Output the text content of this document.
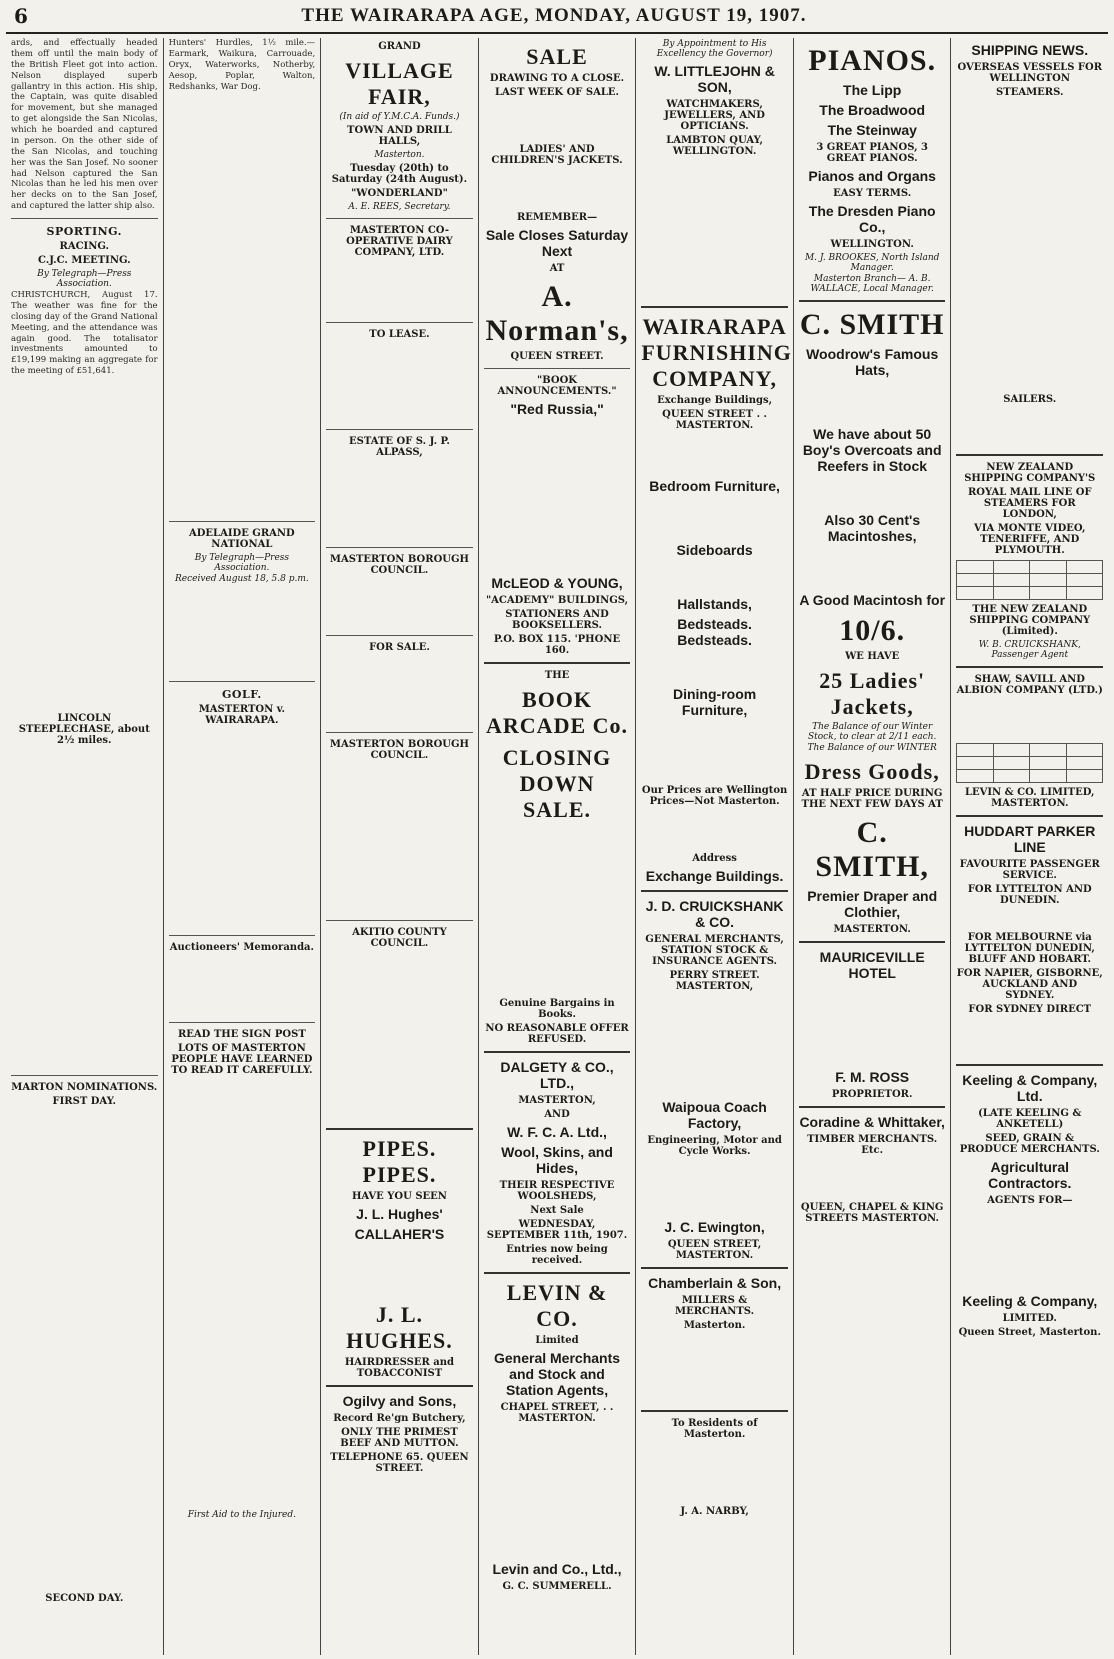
6	THE WAIRARAPA AGE, MONDAY, AUGUST 19, 1907.

ards, and effectually headed them off until the main body of the British Fleet got into action. Nelson displayed superb gallantry in this action. His ship, the Captain, was quite disabled for movement, but she managed to get alongside the San Nicolas, which he boarded and captured in person. On the other side of the San Nicolas, and touching her was the San Josef. No sooner had Nelson captured the San Nicolas than he led his men over her decks on to the San Josef, and captured the latter ship also.

SPORTING.
RACING.
C.J.C. MEETING.

By Telegraph—Press Association.

CHRISTCHURCH, August 17. The weather was fine for the closing day of the Grand National Meeting, and the attendance was again good. The totalisator investments amounted to £19,199 making an aggregate for the meeting of £51,641.

LINCOLN STEEPLECHASE, about 2½ miles.
MARTON NOMINATIONS.
FIRST DAY.
SECOND DAY.

Hunters' Hurdles, 1½ mile.—Earmark, Waikura, Carrouade, Oryx, Waterworks, Notherby, Aesop, Poplar, Walton, Redshanks, War Dog.

ADELAIDE GRAND NATIONAL

By Telegraph—Press Association.

Received August 18, 5.8 p.m.

GOLF.
MASTERTON v. WAIRARAPA.
Auctioneers' Memoranda.
READ THE SIGN POST
LOTS OF MASTERTON PEOPLE HAVE LEARNED TO READ IT CAREFULLY.

First Aid to the Injured.

GRAND
VILLAGE FAIR,

(In aid of Y.M.C.A. Funds.)

TOWN AND DRILL HALLS,

Masterton.

Tuesday (20th) to Saturday (24th August).
"WONDERLAND"

A. E. REES, Secretary.

MASTERTON CO-OPERATIVE DAIRY COMPANY, LTD.
TO LEASE.
ESTATE OF S. J. P. ALPASS,
MASTERTON BOROUGH COUNCIL.
FOR SALE.
MASTERTON BOROUGH COUNCIL.
AKITIO COUNTY COUNCIL.
PIPES. PIPES.
HAVE YOU SEEN
J. L. Hughes'
CALLAHER'S
J. L. HUGHES.
HAIRDRESSER and TOBACCONIST
Ogilvy and Sons,
Record Re'gn Butchery,
ONLY THE PRIMEST BEEF AND MUTTON.
TELEPHONE 65. QUEEN STREET.
SALE
DRAWING TO A CLOSE.
LAST WEEK OF SALE.
LADIES' AND CHILDREN'S JACKETS.
REMEMBER—
Sale Closes Saturday Next
AT
A. Norman's,
QUEEN STREET.
"BOOK ANNOUNCEMENTS."
"Red Russia,"
McLEOD & YOUNG,
"ACADEMY" BUILDINGS,
STATIONERS AND BOOKSELLERS.
P.O. BOX 115. 'PHONE 160.
THE
BOOK ARCADE Co.
CLOSING DOWN SALE.
Genuine Bargains in Books.
NO REASONABLE OFFER REFUSED.
DALGETY & CO., LTD.,
MASTERTON,
AND
W. F. C. A. Ltd.,
Wool, Skins, and Hides,
THEIR RESPECTIVE WOOLSHEDS,
Next Sale
WEDNESDAY, SEPTEMBER 11th, 1907.
Entries now being received.
LEVIN & CO.
Limited
General Merchants and Stock and Station Agents,
CHAPEL STREET, . . MASTERTON.
Levin and Co., Ltd.,
G. C. SUMMERELL.

By Appointment to His Excellency the Governor)

W. LITTLEJOHN & SON,
WATCHMAKERS, JEWELLERS, AND OPTICIANS.
LAMBTON QUAY, WELLINGTON.
WAIRARAPA FURNISHING COMPANY,
Exchange Buildings,
QUEEN STREET . . MASTERTON.
Bedroom Furniture,
Sideboards
Hallstands,
Bedsteads. Bedsteads.
Dining-room Furniture,
Our Prices are Wellington Prices—Not Masterton.
Address
Exchange Buildings.
J. D. CRUICKSHANK & CO.
GENERAL MERCHANTS, STATION STOCK & INSURANCE AGENTS.
PERRY STREET. MASTERTON,
Waipoua Coach Factory,
Engineering, Motor and Cycle Works.
J. C. Ewington,
QUEEN STREET, MASTERTON.
Chamberlain & Son,
MILLERS & MERCHANTS.
Masterton.
To Residents of Masterton.
J. A. NARBY,
PIANOS.
The Lipp
The Broadwood
The Steinway
3 GREAT PIANOS, 3 GREAT PIANOS.
Pianos and Organs
EASY TERMS.
The Dresden Piano Co.,
WELLINGTON.

M. J. BROOKES, North Island Manager.

Masterton Branch— A. B. WALLACE, Local Manager.

C. SMITH
Woodrow's Famous Hats,
We have about 50 Boy's Overcoats and Reefers in Stock
Also 30 Cent's Macintoshes,
A Good Macintosh for
10/6.
WE HAVE
25 Ladies' Jackets,

The Balance of our Winter Stock, to clear at 2/11 each.

The Balance of our WINTER

Dress Goods,
AT HALF PRICE DURING THE NEXT FEW DAYS AT
C. SMITH,
Premier Draper and Clothier,
MASTERTON.
MAURICEVILLE HOTEL
F. M. ROSS
PROPRIETOR.
Coradine & Whittaker,
TIMBER MERCHANTS. Etc.
QUEEN, CHAPEL & KING STREETS MASTERTON.
SHIPPING NEWS.
OVERSEAS VESSELS FOR WELLINGTON
STEAMERS.
SAILERS.
NEW ZEALAND SHIPPING COMPANY'S
ROYAL MAIL LINE OF STEAMERS FOR LONDON,
VIA MONTE VIDEO, TENERIFFE, AND PLYMOUTH.

THE NEW ZEALAND SHIPPING COMPANY (Limited).

W. B. CRUICKSHANK, Passenger Agent

SHAW, SAVILL AND ALBION COMPANY (LTD.)

LEVIN & CO. LIMITED, MASTERTON.
HUDDART PARKER LINE
FAVOURITE PASSENGER SERVICE.
FOR LYTTELTON AND DUNEDIN.
FOR MELBOURNE via LYTTELTON DUNEDIN, BLUFF AND HOBART.
FOR NAPIER, GISBORNE, AUCKLAND AND SYDNEY.
FOR SYDNEY DIRECT
Keeling & Company, Ltd.
(LATE KEELING & ANKETELL)
SEED, GRAIN & PRODUCE MERCHANTS.
Agricultural Contractors.
AGENTS FOR—
Keeling & Company,
LIMITED.
Queen Street, Masterton.
